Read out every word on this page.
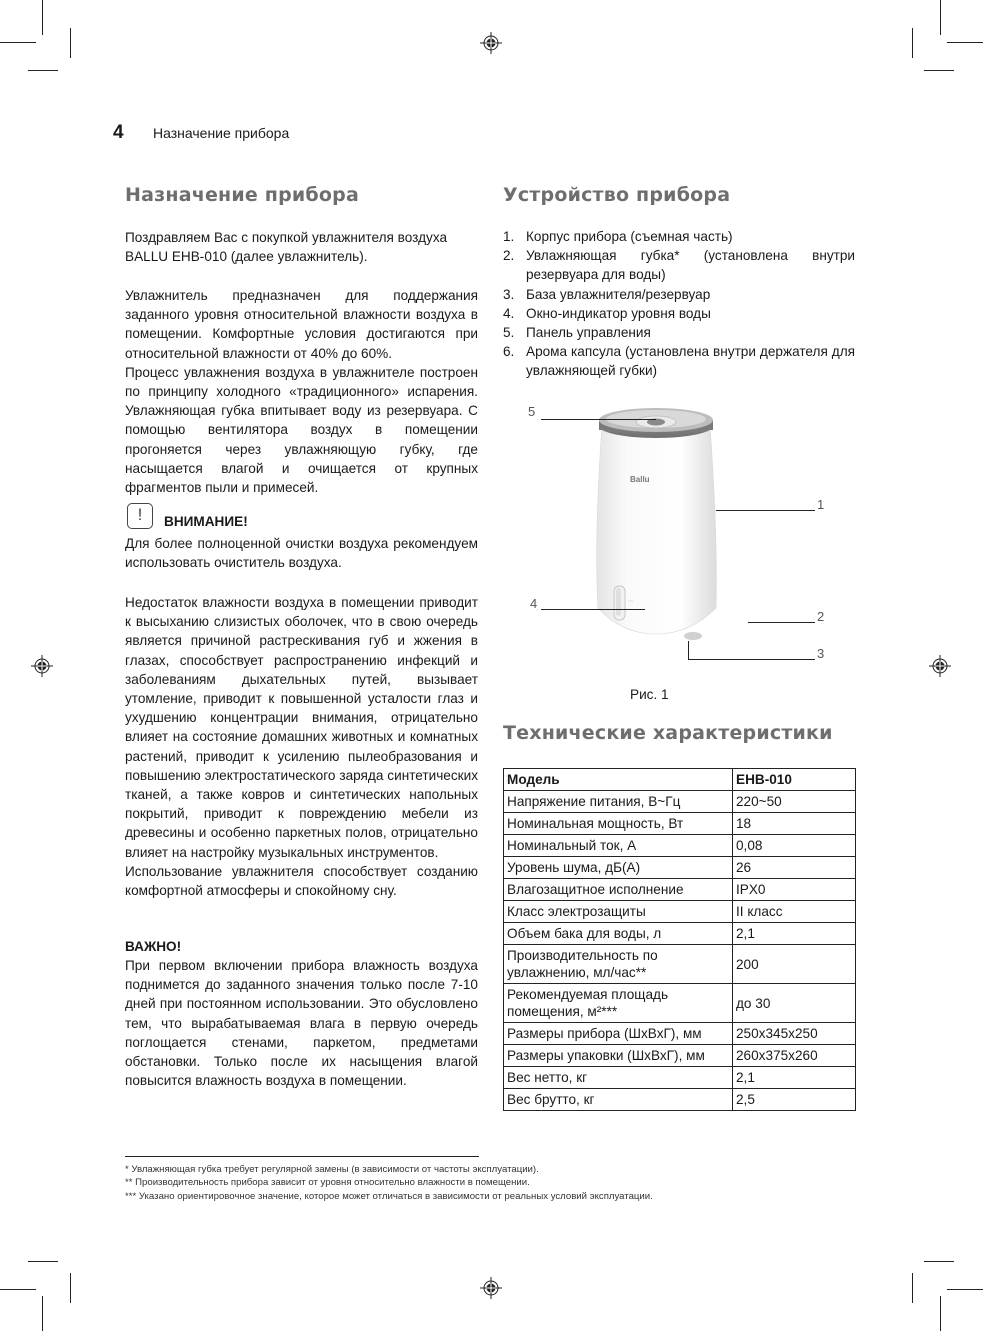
4 Назначение прибора
Назначение прибора
Поздравляем Вас с покупкой увлажнителя воздуха BALLU EHB-010 (далее увлажнитель).

Увлажнитель предназначен для поддержания заданного уровня относительной влажности воздуха в помещении. Комфортные условия достигаются при относительной влажности от 40% до 60%.

Процесс увлажнения воздуха в увлажнителе построен по принципу холодного «традиционного» испарения. Увлажняющая губка впитывает воду из резервуара. С помощью вентилятора воздух в помещении прогоняется через увлажняющую губку, где насыщается влагой и очищается от крупных фрагментов пыли и примесей.

!	ВНИМАНИЕ!
Для более полноценной очистки воздуха рекомендуем использовать очиститель воздуха.

Недостаток влажности воздуха в помещении приводит к высыханию слизистых оболочек, что в свою очередь является причиной растрескивания губ и жжения в глазах, способствует распространению инфекций и заболеваниям дыхательных путей, вызывает утомление, приводит к повышенной усталости глаз и ухудшению концентрации внимания, отрицательно влияет на состояние домашних животных и комнатных растений, приводит к усилению пылеобразования и повышению электростатического заряда синтетических тканей, а также ковров и синтетических напольных покрытий, приводит к повреждению мебели из древесины и особенно паркетных полов, отрицательно влияет на настройку музыкальных инструментов.

Использование увлажнителя способствует созданию комфортной атмосферы и спокойному сну.

ВАЖНО!
При первом включении прибора влажность воздуха поднимется до заданного значения только после 7-10 дней при постоянном использовании. Это обусловлено тем, что вырабатываемая влага в первую очередь поглощается стенами, паркетом, предметами обстановки. Только после их насыщения влагой повысится влажность воздуха в помещении.
Устройство прибора
1. Корпус прибора (съемная часть)
2. Увлажняющая губка* (установлена внутри резервуара для воды)
3. База увлажнителя/резервуар
4. Окно-индикатор уровня воды
5. Панель управления
6. Арома капсула (установлена внутри держателя для увлажняющей губки)
Ballu
5
1
4
2
3
Рис. 1
Технические характеристики
Модель	EHB-010
Напряжение питания, В~Гц	220~50
Номинальная мощность, Вт	18
Номинальный ток, А	0,08
Уровень шума, дБ(А)	26
Влагозащитное исполнение	IPX0
Класс электрозащиты	II класс
Объем бака для воды, л	2,1
Производительность по увлажнению, мл/час**	200
Рекомендуемая площадь помещения, м²***	до 30
Размеры прибора (ШхВхГ), мм	250x345x250
Размеры упаковки (ШхВхГ), мм	260x375x260
Вес нетто, кг	2,1
Вес брутто, кг	2,5
* Увлажняющая губка требует регулярной замены (в зависимости от частоты эксплуатации).
** Производительность прибора зависит от уровня относительно влажности в помещении.
*** Указано ориентировочное значение, которое может отличаться в зависимости от реальных условий эксплуатации.
